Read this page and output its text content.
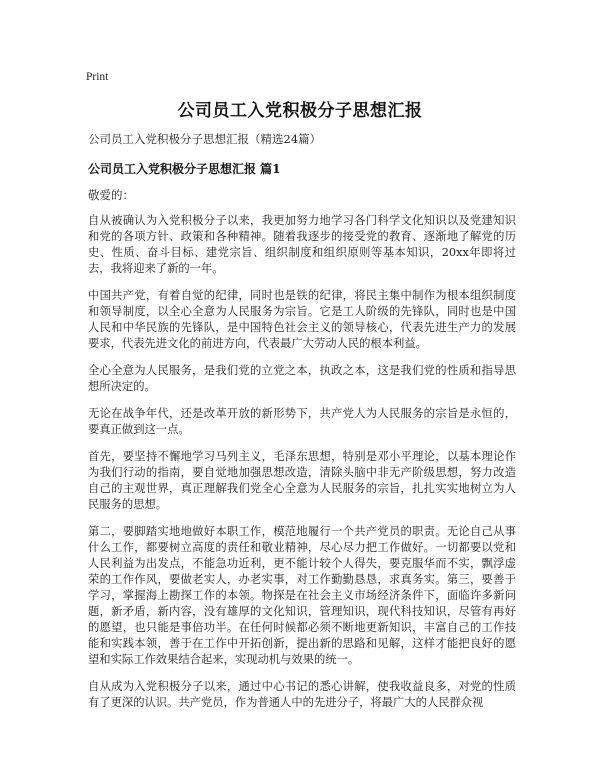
Print
公司员工入党积极分子思想汇报
公司员工入党积极分子思想汇报（精选24篇）
公司员工入党积极分子思想汇报 篇1
敬爱的：

自从被确认为入党积极分子以来，我更加努力地学习各门科学文化知识以及党建知识和党的各项方针、政策和各种精神。随着我逐步的接受党的教育、逐渐地了解党的历史、性质、奋斗目标、建党宗旨、组织制度和组织原则等基本知识，20xx年即将过去，我将迎来了新的一年。

中国共产党，有着自觉的纪律，同时也是铁的纪律，将民主集中制作为根本组织制度和领导制度，以全心全意为人民服务为宗旨。它是工人阶级的先锋队，同时也是中国人民和中华民族的先锋队，是中国特色社会主义的领导核心，代表先进生产力的发展要求，代表先进文化的前进方向，代表最广大劳动人民的根本利益。

全心全意为人民服务，是我们党的立党之本，执政之本，这是我们党的性质和指导思想所决定的。

无论在战争年代，还是改革开放的新形势下，共产党人为人民服务的宗旨是永恒的，要真正做到这一点。

首先，要坚持不懈地学习马列主义，毛泽东思想，特别是邓小平理论，以基本理论作为我们行动的指南，要自觉地加强思想改造，清除头脑中非无产阶级思想，努力改造自己的主观世界，真正理解我们党全心全意为人民服务的宗旨，扎扎实实地树立为人民服务的思想。

第二，要脚踏实地地做好本职工作，模范地履行一个共产党员的职责。无论自己从事什么工作，都要树立高度的责任和敬业精神，尽心尽力把工作做好。一切都要以党和人民利益为出发点，不能急功近利，更不能计较个人得失，要克服华而不实，飘浮虚荣的工作作风，要做老实人，办老实事，对工作勤勤恳恳，求真务实。第三，要善于学习，掌握海上勘探工作的本领。物探是在社会主义市场经济条件下，面临许多新问题，新矛盾，新内容，没有雄厚的文化知识，管理知识，现代科技知识，尽管有再好的愿望，也只能是事倍功半。在任何时候都必须不断地更新知识，丰富自己的工作技能和实践本领，善于在工作中开拓创新，提出新的思路和见解，这样才能把良好的愿望和实际工作效果结合起来，实现动机与效果的统一。

自从成为入党积极分子以来，通过中心书记的悉心讲解，使我收益良多，对党的性质有了更深的认识。共产党员，作为普通人中的先进分子，将最广大的人民群众视
